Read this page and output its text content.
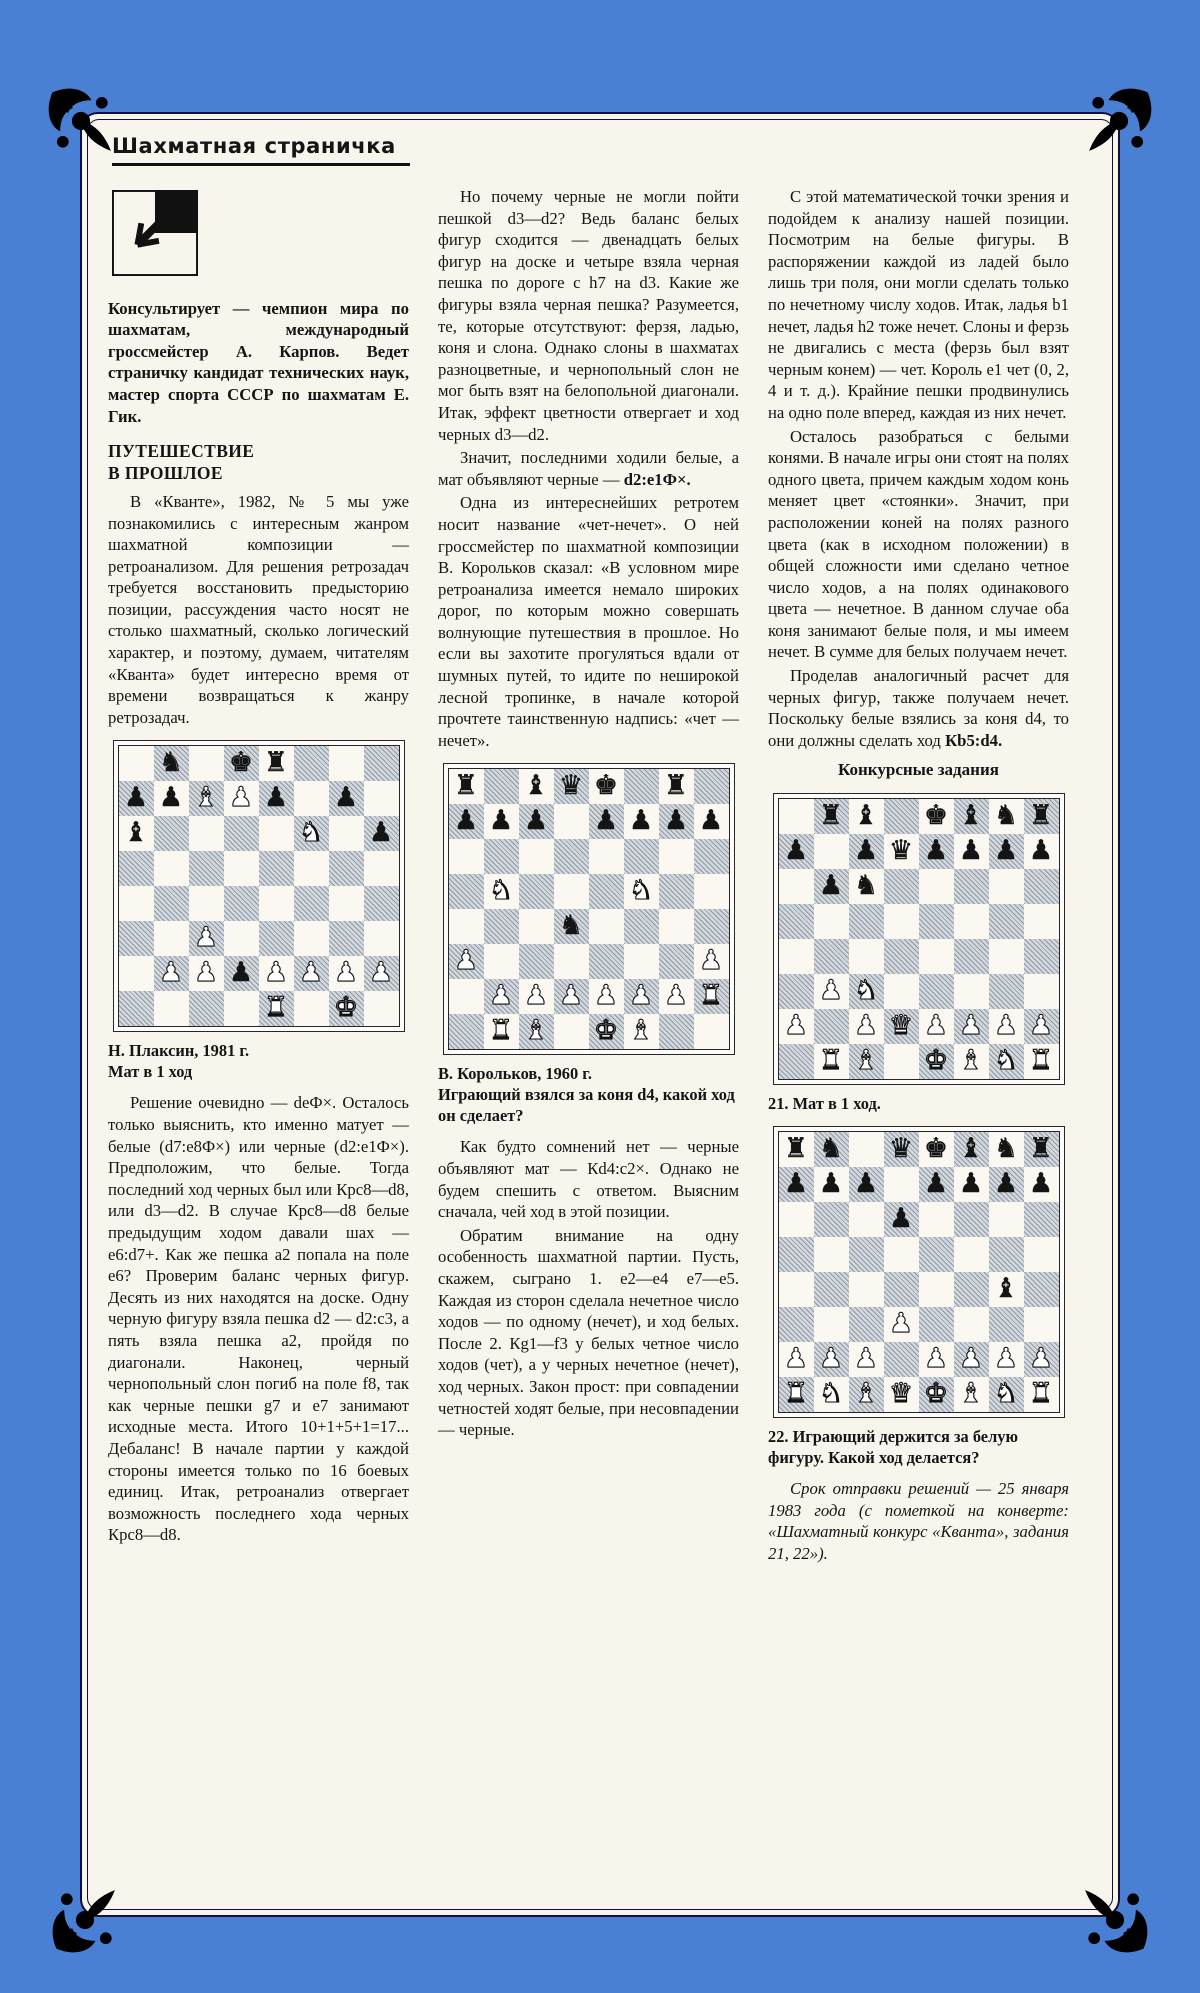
Шахматная страничка

Консультирует — чемпион мира по шахматам, международный гроссмейстер А. Карпов. Ведет страничку кандидат технических наук, мастер спорта СССР по шахматам Е. Гик.

ПУТЕШЕСТВИЕ
В ПРОШЛОЕ

В «Кванте», 1982, № 5 мы уже познакомились с интересным жанром шахматной композиции — ретроанализом. Для решения ретрозадач требуется восстановить предысторию позиции, рассуждения часто носят не столько шахматный, сколько логический характер, и поэтому, думаем, читателям «Кванта» будет интересно время от времени возвращаться к жанру ретрозадач.

♞ ♚ ♜
♟ ♟ ♝ ♟ ♟ ♟
♝	♞ ♟
♟
♟ ♟ ♟ ♟ ♟ ♟ ♟
♜ ♚
Н. Плаксин, 1981 г.
Мат в 1 ход

Решение очевидно — deФ×. Осталось только выяснить, кто именно матует — белые (d7:e8Ф×) или черные (d2:e1Ф×). Предположим, что белые. Тогда последний ход черных был или Крс8—d8, или d3—d2. В случае Крс8—d8 белые предыдущим ходом давали шах — e6:d7+. Как же пешка a2 попала на поле e6? Проверим баланс черных фигур. Десять из них находятся на доске. Одну черную фигуру взяла пешка d2 — d2:c3, а пять взяла пешка a2, пройдя по диагонали. Наконец, черный чернопольный слон погиб на поле f8, так как черные пешки g7 и e7 занимают исходные места. Итого 10+1+5+1=17... Дебаланс! В начале партии у каждой стороны имеется только по 16 боевых единиц. Итак, ретроанализ отвергает возможность последнего хода черных Крс8—d8.

Но почему черные не могли пойти пешкой d3—d2? Ведь баланс белых фигур сходится — двенадцать белых фигур на доске и четыре взяла черная пешка по дороге с h7 на d3. Какие же фигуры взяла черная пешка? Разумеется, те, которые отсутствуют: ферзя, ладью, коня и слона. Однако слоны в шахматах разноцветные, и чернопольный слон не мог быть взят на белопольной диагонали. Итак, эффект цветности отвергает и ход черных d3—d2.

Значит, последними ходили белые, а мат объявляют черные — d2:e1Ф×.

Одна из интереснейших ретротем носит название «чет-нечет». О ней гроссмейстер по шахматной композиции В. Корольков сказал: «В условном мире ретроанализа имеется немало широких дорог, по которым можно совершать волнующие путешествия в прошлое. Но если вы захотите прогуляться вдали от шумных путей, то идите по неширокой лесной тропинке, в начале которой прочтете таинственную надпись: «чет — нечет».

♜ ♝ ♛ ♚ ♜
♟ ♟ ♟ ♟ ♟ ♟ ♟
♞	♞
♞
♟	♟
♟ ♟ ♟ ♟ ♟ ♟ ♜
♜ ♝ ♚ ♝
В. Корольков, 1960 г.
Играющий взялся за коня d4, какой ход он сделает?

Как будто сомнений нет — черные объявляют мат — Кd4:c2×. Однако не будем спешить с ответом. Выясним сначала, чей ход в этой позиции.

Обратим внимание на одну особенность шахматной партии. Пусть, скажем, сыграно 1. e2—e4 e7—e5. Каждая из сторон сделала нечетное число ходов — по одному (нечет), и ход белых. После 2. Кg1—f3 у белых четное число ходов (чет), а у черных нечетное (нечет), ход черных. Закон прост: при совпадении четностей ходят белые, при несовпадении — черные.

С этой математической точки зрения и подойдем к анализу нашей позиции. Посмотрим на белые фигуры. В распоряжении каждой из ладей было лишь три поля, они могли сделать только по нечетному числу ходов. Итак, ладья b1 нечет, ладья h2 тоже нечет. Слоны и ферзь не двигались с места (ферзь был взят черным конем) — чет. Король e1 чет (0, 2, 4 и т. д.). Крайние пешки продвинулись на одно поле вперед, каждая из них нечет.

Осталось разобраться с белыми конями. В начале игры они стоят на полях одного цвета, причем каждым ходом конь меняет цвет «стоянки». Значит, при расположении коней на полях разного цвета (как в исходном положении) в общей сложности ими сделано четное число ходов, а на полях одинакового цвета — нечетное. В данном случае оба коня занимают белые поля, и мы имеем нечет. В сумме для белых получаем нечет.

Проделав аналогичный расчет для черных фигур, также получаем нечет. Поскольку белые взялись за коня d4, то они должны сделать ход Кb5:d4.

Конкурсные задания
♜ ♝ ♚ ♝ ♞ ♜
♟ ♟ ♛ ♟ ♟ ♟ ♟
♟ ♞
♟ ♞
♟ ♟ ♛ ♟ ♟ ♟ ♟
♜ ♝ ♚ ♝ ♞ ♜
21. Мат в 1 ход.
♜ ♞ ♛ ♚ ♝ ♞ ♜
♟ ♟ ♟ ♟ ♟ ♟ ♟
♟
♝
♟
♟ ♟ ♟ ♟ ♟ ♟ ♟
♜ ♞ ♝ ♛ ♚ ♝ ♞ ♜
22. Играющий держится за белую фигуру. Какой ход делается?

Срок отправки решений — 25 января 1983 года (с пометкой на конверте: «Шахматный конкурс «Кванта», задания 21, 22»).
